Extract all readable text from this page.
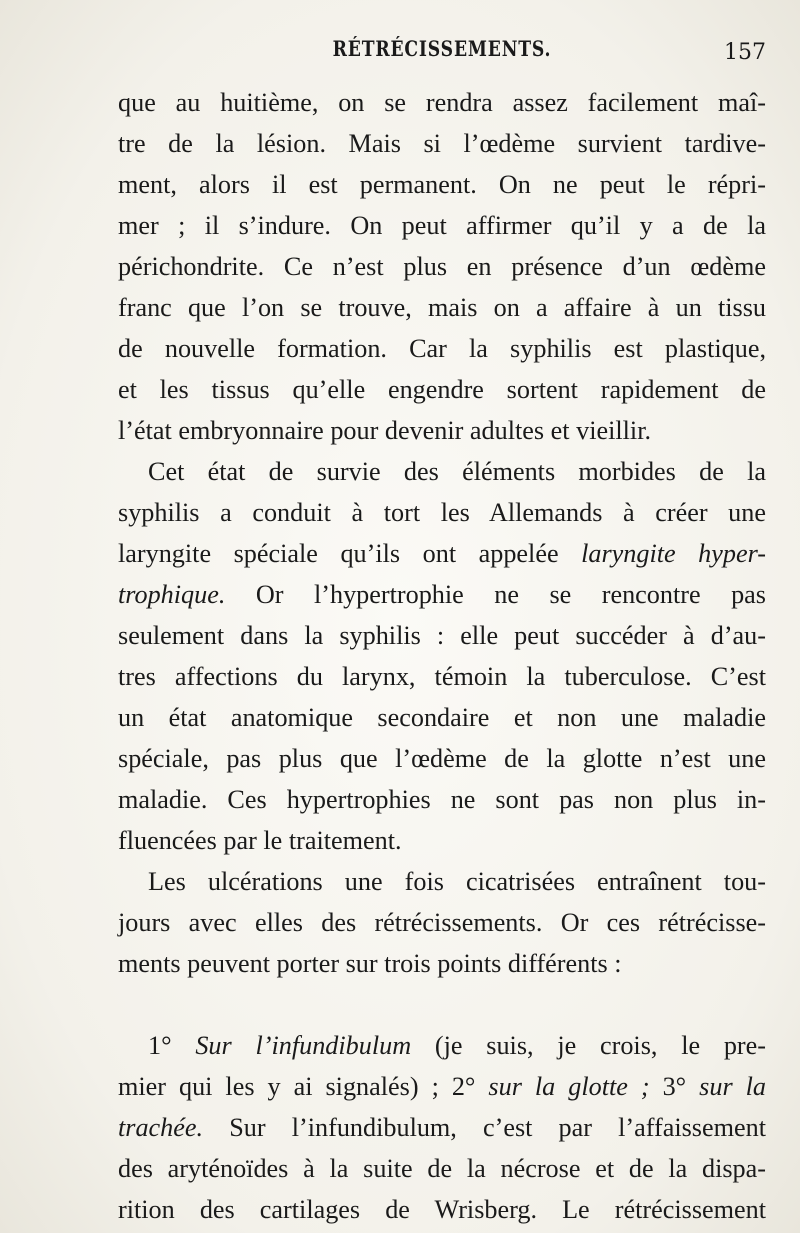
RÉTRÉCISSEMENTS.	157
que au huitième, on se rendra assez facilement maî-
tre de la lésion. Mais si l’œdème survient tardive-
ment, alors il est permanent. On ne peut le répri-
mer ; il s’indure. On peut affirmer qu’il y a de la
périchondrite. Ce n’est plus en présence d’un œdème
franc que l’on se trouve, mais on a affaire à un tissu
de nouvelle formation. Car la syphilis est plastique,
et les tissus qu’elle engendre sortent rapidement de
l’état embryonnaire pour devenir adultes et vieillir.
Cet état de survie des éléments morbides de la
syphilis a conduit à tort les Allemands à créer une
laryngite spéciale qu’ils ont appelée laryngite hyper-
trophique. Or l’hypertrophie ne se rencontre pas
seulement dans la syphilis : elle peut succéder à d’au-
tres affections du larynx, témoin la tuberculose. C’est
un état anatomique secondaire et non une maladie
spéciale, pas plus que l’œdème de la glotte n’est une
maladie. Ces hypertrophies ne sont pas non plus in-
fluencées par le traitement.
Les ulcérations une fois cicatrisées entraînent tou-
jours avec elles des rétrécissements. Or ces rétrécisse-
ments peuvent porter sur trois points différents :
1° Sur l’infundibulum (je suis, je crois, le pre-
mier qui les y ai signalés) ; 2° sur la glotte ; 3° sur la
trachée. Sur l’infundibulum, c’est par l’affaissement
des aryténoïdes à la suite de la nécrose et de la dispa-
rition des cartilages de Wrisberg. Le rétrécissement
